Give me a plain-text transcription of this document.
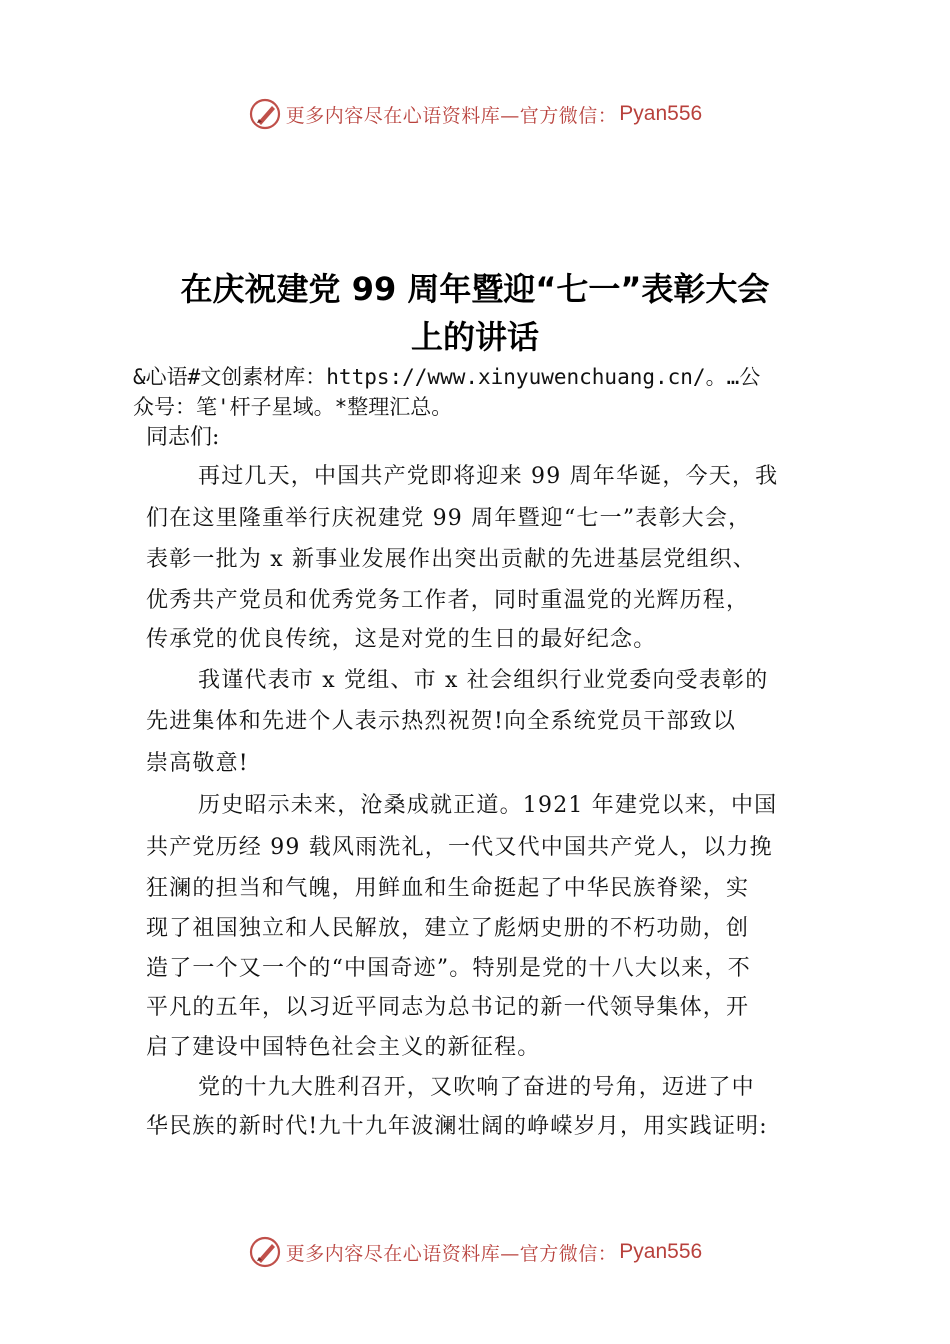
更多内容尽在心语资料库—官方微信： Pyan556
在庆祝建党 99 周年暨迎“七一”表彰大会
上的讲话
&心语#文创素材库：https://www.xinyuwenchuang.cn/。…公
众号：笔'杆子星域。*整理汇总。
同志们:
再过几天，中国共产党即将迎来 99 周年华诞，今天，我
们在这里隆重举行庆祝建党 99 周年暨迎“七一”表彰大会，
表彰一批为 x 新事业发展作出突出贡献的先进基层党组织、
优秀共产党员和优秀党务工作者，同时重温党的光辉历程，
传承党的优良传统，这是对党的生日的最好纪念。
我谨代表市 x 党组、市 x 社会组织行业党委向受表彰的
先进集体和先进个人表示热烈祝贺!向全系统党员干部致以
崇高敬意!
历史昭示未来，沧桑成就正道。1921 年建党以来，中国
共产党历经 99 载风雨洗礼，一代又代中国共产党人，以力挽
狂澜的担当和气魄，用鲜血和生命挺起了中华民族脊梁，实
现了祖国独立和人民解放，建立了彪炳史册的不朽功勋，创
造了一个又一个的“中国奇迹”。特别是党的十八大以来，不
平凡的五年，以习近平同志为总书记的新一代领导集体，开
启了建设中国特色社会主义的新征程。
党的十九大胜利召开，又吹响了奋进的号角，迈进了中
华民族的新时代!九十九年波澜壮阔的峥嵘岁月，用实践证明:
更多内容尽在心语资料库—官方微信： Pyan556
